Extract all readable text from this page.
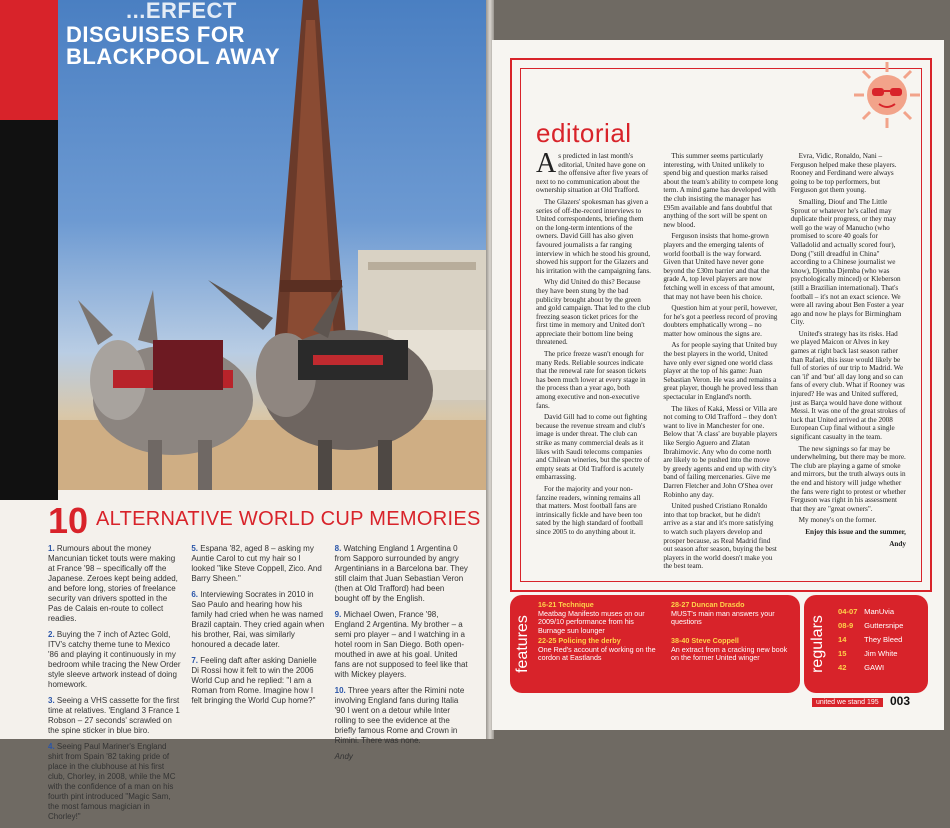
...ERFECT
DISGUISES FOR
BLACKPOOL AWAY
10 ALTERNATIVE WORLD CUP MEMORIES

1. Rumours about the money Mancunian ticket touts were making at France '98 – specifically off the Japanese. Zeroes kept being added, and before long, stories of freelance security van drivers spotted in the Pas de Calais en-route to collect readies.

2. Buying the 7 inch of Aztec Gold, ITV's catchy theme tune to Mexico '86 and playing it continuously in my bedroom while tracing the New Order style sleeve artwork instead of doing homework.

3. Seeing a VHS cassette for the first time at relatives. 'England 3 France 1 Robson – 27 seconds' scrawled on the spine sticker in blue biro.

4. Seeing Paul Mariner's England shirt from Spain '82 taking pride of place in the clubhouse at his first club, Chorley, in 2008, while the MC with the confidence of a man on his fourth pint introduced "Magic Sam, the most famous magician in Chorley!"

5. Espana '82, aged 8 – asking my Auntie Carol to cut my hair so I looked "like Steve Coppell, Zico. And Barry Sheen."

6. Interviewing Socrates in 2010 in Sao Paulo and hearing how his family had cried when he was named Brazil captain. They cried again when his brother, Rai, was similarly honoured a decade later.

7. Feeling daft after asking Danielle Di Rossi how it felt to win the 2006 World Cup and he replied: "I am a Roman from Rome. Imagine how I felt bringing the World Cup home?"

8. Watching England 1 Argentina 0 from Sapporo surrounded by angry Argentinians in a Barcelona bar. They still claim that Juan Sebastian Veron (then at Old Trafford) had been bought off by the English.

9. Michael Owen, France '98, England 2 Argentina. My brother – a semi pro player – and I watching in a hotel room in San Diego. Both open-mouthed in awe at his goal. United fans are not supposed to feel like that with Mickey players.

10. Three years after the Rimini note involving England fans during Italia '90 I went on a detour while Inter rolling to see the evidence at the briefly famous Rome and Crown in Rimini. There was none.

Andy

editorial

As predicted in last month's editorial, United have gone on the offensive after five years of next to no communication about the ownership situation at Old Trafford.

The Glazers' spokesman has given a series of off-the-record interviews to United correspondents, briefing them on the long-term intentions of the owners. David Gill has also given favoured journalists a far ranging interview in which he stood his ground, showed his support for the Glazers and his irritation with the campaigning fans.

Why did United do this? Because they have been stung by the bad publicity brought about by the green and gold campaign. That led to the club freezing season ticket prices for the first time in memory and United don't appreciate their bottom line being threatened.

The price freeze wasn't enough for many Reds. Reliable sources indicate that the renewal rate for season tickets has been much lower at every stage in the process than a year ago, both among executive and non-executive fans.

David Gill had to come out fighting because the revenue stream and club's image is under threat. The club can strike as many commercial deals as it likes with Saudi telecoms companies and Chilean wineries, but the spectre of empty seats at Old Trafford is acutely embarrassing.

For the majority and your non-fanzine readers, winning remains all that matters. Most football fans are intrinsically fickle and have been too sated by the high standard of football since 2005 to do anything about it.

This summer seems particularly interesting, with United unlikely to spend big and question marks raised about the team's ability to compete long term. A mind game has developed with the club insisting the manager has £95m available and fans doubtful that anything of the sort will be spent on new blood.

Ferguson insists that home-grown players and the emerging talents of world football is the way forward. Given that United have never gone beyond the £30m barrier and that the grade A, top level players are now fetching well in excess of that amount, that may not have been his choice.

Question him at your peril, however, for he's got a peerless record of proving doubters emphatically wrong – no matter how ominous the signs are.

As for people saying that United buy the best players in the world, United have only ever signed one world class player at the top of his game: Juan Sebastian Veron. He was and remains a great player, though he proved less than spectacular in England's north.

The likes of Kaká, Messi or Villa are not coming to Old Trafford – they don't want to live in Manchester for one. Below that 'A class' are buyable players like Sergio Aguero and Zlatan Ibrahimovic. Any who do come north are likely to be pushed into the move by greedy agents and end up with city's band of failing mercenaries. Give me Darren Fletcher and John O'Shea over Robinho any day.

United pushed Cristiano Ronaldo into that top bracket, but he didn't arrive as a star and it's more satisfying to watch such players develop and prosper because, as Real Madrid find out season after season, buying the best players in the world doesn't make you the best team.

Evra, Vidic, Ronaldo, Nani – Ferguson helped make these players. Rooney and Ferdinand were always going to be top performers, but Ferguson got them young.

Smalling, Diouf and The Little Sprout or whatever he's called may duplicate their progress, or they may well go the way of Manucho (who promised to score 40 goals for Valladolid and actually scored four), Dong ("still dreadful in China" according to a Chinese journalist we know), Djemba Djemba (who was psychologically minced) or Kleberson (still a Brazilian international). That's football – it's not an exact science. We were all raving about Ben Foster a year ago and now he plays for Birmingham City.

United's strategy has its risks. Had we played Maicon or Alves in key games at right back last season rather than Rafael, this issue would likely be full of stories of our trip to Madrid. We can 'if' and 'but' all day long and so can fans of every club. What if Rooney was injured? He was and United suffered, just as Barça would have done without Messi. It was one of the great strokes of luck that United arrived at the 2008 European Cup final without a single significant casualty in the team.

The new signings so far may be underwhelming, but there may be more. The club are playing a game of smoke and mirrors, but the truth always outs in the end and history will judge whether the fans were right to protest or whether Ferguson was right in his assessment that they are "great owners".

My money's on the former.

Enjoy this issue and the summer,

Andy

features
16-21 Technique
Meatbag Manifesto muses on our 2009/10 performance from his Burnage sun lounger
28-27 Duncan Drasdo
MUST's main man answers your questions
22-25 Policing the derby
One Red's account of working on the cordon at Eastlands
38-40 Steve Coppell
An extract from a cracking new book on the former United winger	regulars
04-07 ManUvia
08-9 Guttersnipe
14 They Bleed
15 Jim White
42 GAWI
united we stand 195 003
